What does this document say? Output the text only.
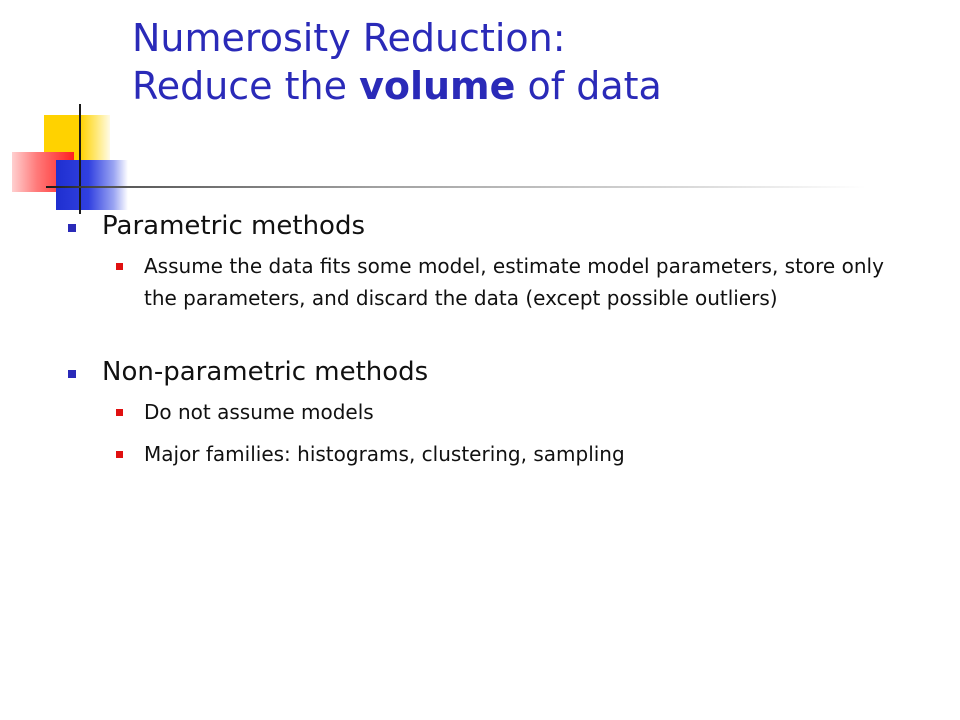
Numerosity Reduction:
Reduce the volume of data
Parametric methods
Assume the data fits some model, estimate model parameters, store only the parameters, and discard the data (except possible outliers)
Non-parametric methods
Do not assume models
Major families: histograms, clustering, sampling
